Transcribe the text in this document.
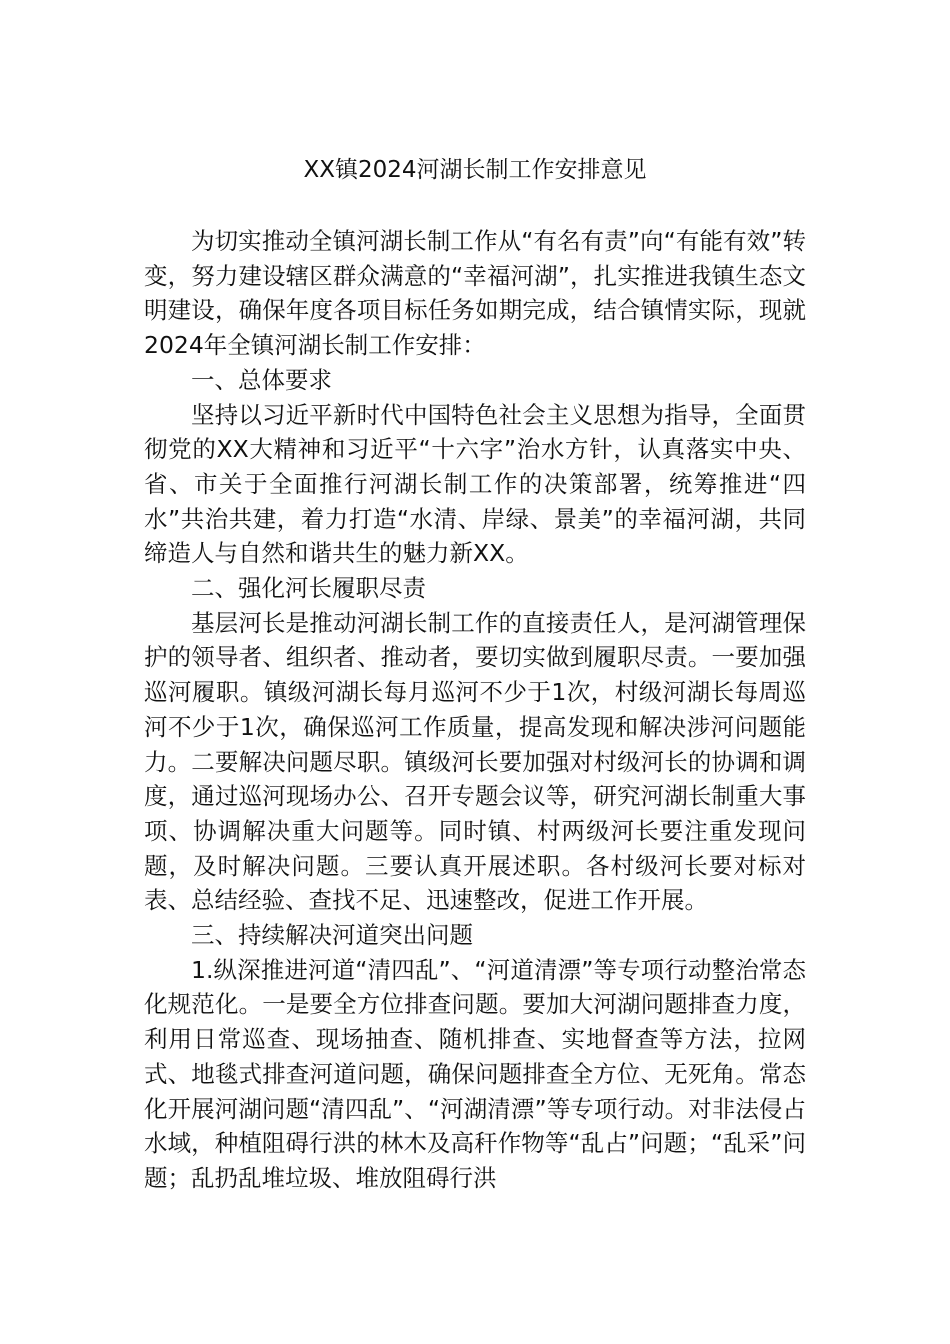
XX镇2024河湖长制工作安排意见

为切实推动全镇河湖长制工作从“有名有责”向“有能有效”转变，努力建设辖区群众满意的“幸福河湖”，扎实推进我镇生态文明建设，确保年度各项目标任务如期完成，结合镇情实际，现就2024年全镇河湖长制工作安排：

一、总体要求

坚持以习近平新时代中国特色社会主义思想为指导，全面贯彻党的XX大精神和习近平“十六字”治水方针，认真落实中央、省、市关于全面推行河湖长制工作的决策部署，统筹推进“四水”共治共建，着力打造“水清、岸绿、景美”的幸福河湖，共同缔造人与自然和谐共生的魅力新XX。

二、强化河长履职尽责

基层河长是推动河湖长制工作的直接责任人，是河湖管理保护的领导者、组织者、推动者，要切实做到履职尽责。一要加强巡河履职。镇级河湖长每月巡河不少于1次，村级河湖长每周巡河不少于1次，确保巡河工作质量，提高发现和解决涉河问题能力。二要解决问题尽职。镇级河长要加强对村级河长的协调和调度，通过巡河现场办公、召开专题会议等，研究河湖长制重大事项、协调解决重大问题等。同时镇、村两级河长要注重发现问题，及时解决问题。三要认真开展述职。各村级河长要对标对表、总结经验、查找不足、迅速整改，促进工作开展。

三、持续解决河道突出问题

1.纵深推进河道“清四乱”、“河道清漂”等专项行动整治常态化规范化。一是要全方位排查问题。要加大河湖问题排查力度，利用日常巡查、现场抽查、随机排查、实地督查等方法，拉网式、地毯式排查河道问题，确保问题排查全方位、无死角。常态化开展河湖问题“清四乱”、“河湖清漂”等专项行动。对非法侵占水域，种植阻碍行洪的林木及高秆作物等“乱占”问题；“乱采”问题；乱扔乱堆垃圾、堆放阻碍行洪
